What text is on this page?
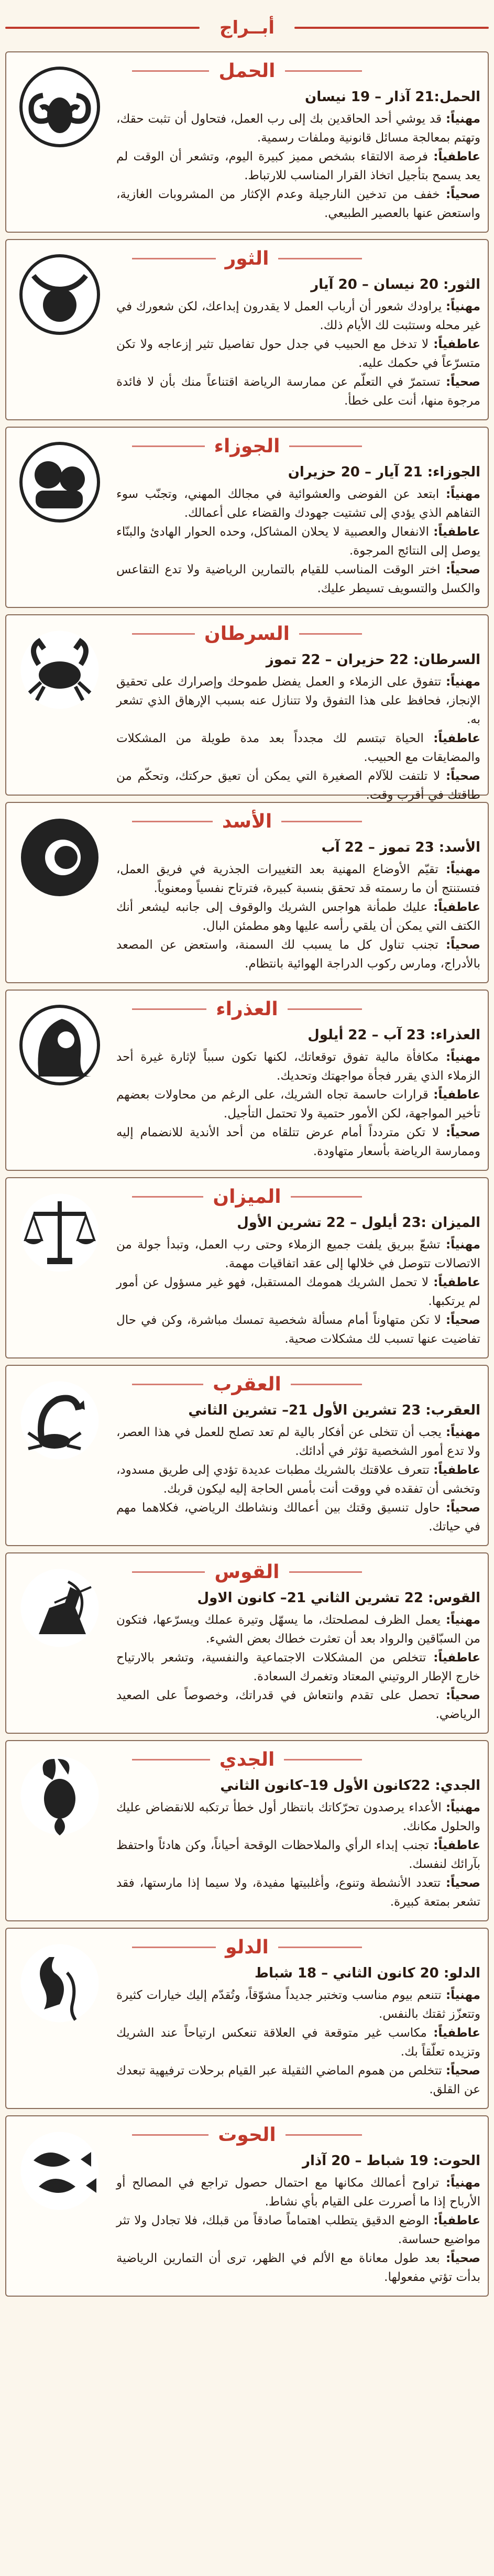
أبــراج
الحمل
الحمل:21 آذار – 19 نيسان

مهنياً: قد يوشي أحد الحاقدين بك إلى رب العمل، فتحاول أن تثبت حقك، وتهتم بمعالجة مسائل قانونية وملفات رسمية.

عاطفياً: فرصة الالتقاء بشخص مميز كبيرة اليوم، وتشعر أن الوقت لم يعد يسمح بتأجيل اتخاذ القرار المناسب للارتباط.

صحياً: خفف من تدخين النارجيلة وعدم الإكثار من المشروبات الغازية، واستعض عنها بالعصير الطبيعي.

الثور
الثور: 20 نيسان – 20 آيار

مهنياً: يراودك شعور أن أرباب العمل لا يقدرون إبداعك، لكن شعورك في غير محله وستثبت لك الأيام ذلك.

عاطفياً: لا تدخل مع الحبيب في جدل حول تفاصيل تثير إزعاجه ولا تكن متسرّعاً في حكمك عليه.

صحياً: تستمرّ في التعلّم عن ممارسة الرياضة اقتناعاً منك بأن لا فائدة مرجوة منها، أنت على خطأ.

الجوزاء
الجوزاء: 21 آيار – 20 حزيران

مهنياً: ابتعد عن الفوضى والعشوائية في مجالك المهني، وتجنّب سوء التفاهم الذي يؤدي إلى تشتيت جهودك والقضاء على أعمالك.

عاطفياً: الانفعال والعصبية لا يحلان المشاكل، وحده الحوار الهادئ والبنّاء يوصل إلى النتائج المرجوة.

صحياً: اختر الوقت المناسب للقيام بالتمارين الرياضية ولا تدع التقاعس والكسل والتسويف تسيطر عليك.

السرطان
السرطان: 22 حزيران – 22 تموز

مهنياً: تتفوق على الزملاء و العمل يفضل طموحك وإصرارك على تحقيق الإنجاز، فحافظ على هذا التفوق ولا تتنازل عنه بسبب الإرهاق الذي تشعر به.

عاطفياً: الحياة تبتسم لك مجدداً بعد مدة طويلة من المشكلات والمضايقات مع الحبيب.

صحياً: لا تلتفت للآلام الصغيرة التي يمكن أن تعيق حركتك، وتحكّم من طاقتك في أقرب وقت.

الأسد
الأسد: 23 تموز – 22 آب

مهنياً: تقيّم الأوضاع المهنية بعد التغييرات الجذرية في فريق العمل، فتستنتج أن ما رسمته قد تحقق بنسبة كبيرة، فترتاح نفسياً ومعنوياً.

عاطفياً: عليك طمأنة هواجس الشريك والوقوف إلى جانبه ليشعر أنك الكتف التي يمكن أن يلقي رأسه عليها وهو مطمئن البال.

صحياً: تجنب تناول كل ما يسبب لك السمنة، واستعض عن المصعد بالأدراج، ومارس ركوب الدراجة الهوائية بانتظام.

العذراء
العذراء: 23 آب – 22 أيلول

مهنياً: مكافأة مالية تفوق توقعاتك، لكنها تكون سبباً لإثارة غيرة أحد الزملاء الذي يقرر فجأة مواجهتك وتحديك.

عاطفياً: قرارات حاسمة تجاه الشريك، على الرغم من محاولات بعضهم تأخير المواجهة، لكن الأمور حتمية ولا تحتمل التأجيل.

صحياً: لا تكن متردداً أمام عرض تتلقاه من أحد الأندية للانضمام إليه وممارسة الرياضة بأسعار متهاودة.

الميزان
الميزان :23 أيلول – 22 تشرين الأول

مهنياً: تشعّ ببريق يلفت جميع الزملاء وحتى رب العمل، وتبدأ جولة من الاتصالات تتوصل في خلالها إلى عقد اتفاقيات مهمة.

عاطفياً: لا تحمل الشريك همومك المستقبل، فهو غير مسؤول عن أمور لم يرتكبها.

صحياً: لا تكن متهاوناً أمام مسألة شخصية تمسك مباشرة، وكن في حال تفاضيت عنها تسبب لك مشكلات صحية.

العقرب
العقرب: 23 تشرين الأول 21– تشرين الثاني

مهنياً: يجب أن تتخلى عن أفكار بالية لم تعد تصلح للعمل في هذا العصر، ولا تدع أمور الشخصية تؤثر في أدائك.

عاطفياً: تتعرف علاقتك بالشريك مطبات عديدة تؤدي إلى طريق مسدود، وتخشى أن تفقده في ووقت أنت بأمس الحاجة إليه ليكون قربك.

صحياً: حاول تنسيق وقتك بين أعمالك ونشاطك الرياضي، فكلاهما مهم في حياتك.

القوس
القوس: 22 تشرين الثاني 21– كانون الاول

مهنياً: يعمل الظرف لمصلحتك، ما يسهّل وتيرة عملك ويسرّعها، فتكون من السبّاقين والرواد بعد أن تعثرت خطاك بعض الشيء.

عاطفياً: تتخلص من المشكلات الاجتماعية والنفسية، وتشعر بالارتياح خارج الإطار الروتيني المعتاد وتغمرك السعادة.

صحياً: تحصل على تقدم وانتعاش في قدراتك، وخصوصاً على الصعيد الرياضي.

الجدي
الجدي: 22كانون الأول 19–كانون الثاني

مهنياً: الأعداء يرصدون تحرّكاتك بانتظار أول خطأ ترتكبه للانقضاض عليك والحلول مكانك.

عاطفياً: تجنب إبداء الرأي والملاحظات الوقحة أحياناً، وكن هادئاً واحتفظ بآرائك لنفسك.

صحياً: تتعدد الأنشطة وتنوع، وأغلبيتها مفيدة، ولا سيما إذا مارستها، فقد تشعر بمتعة كبيرة.

الدلو
الدلو: 20 كانون الثاني – 18 شباط

مهنياً: تتنعم بيوم مناسب وتختبر جديداً مشوّقاً، وتُقدّم إليك خيارات كثيرة وتتعزّز ثقتك بالنفس.

عاطفياً: مكاسب غير متوقعة في العلاقة تنعكس ارتياحاً عند الشريك وتزيده تعلّقاً بك.

صحياً: تتخلص من هموم الماضي الثقيلة عبر القيام برحلات ترفيهية تبعدك عن القلق.

الحوت
الحوت: 19 شباط – 20 آذار

مهنياً: تراوح أعمالك مكانها مع احتمال حصول تراجع في المصالح أو الأرباح إذا ما أصررت على القيام بأي نشاط.

عاطفياً: الوضع الدقيق يتطلب اهتماماً صادقاً من قبلك، فلا تجادل ولا تثر مواضيع حساسة.

صحياً: بعد طول معاناة مع الألم في الظهر، ترى أن التمارين الرياضية بدأت تؤتي مفعولها.
